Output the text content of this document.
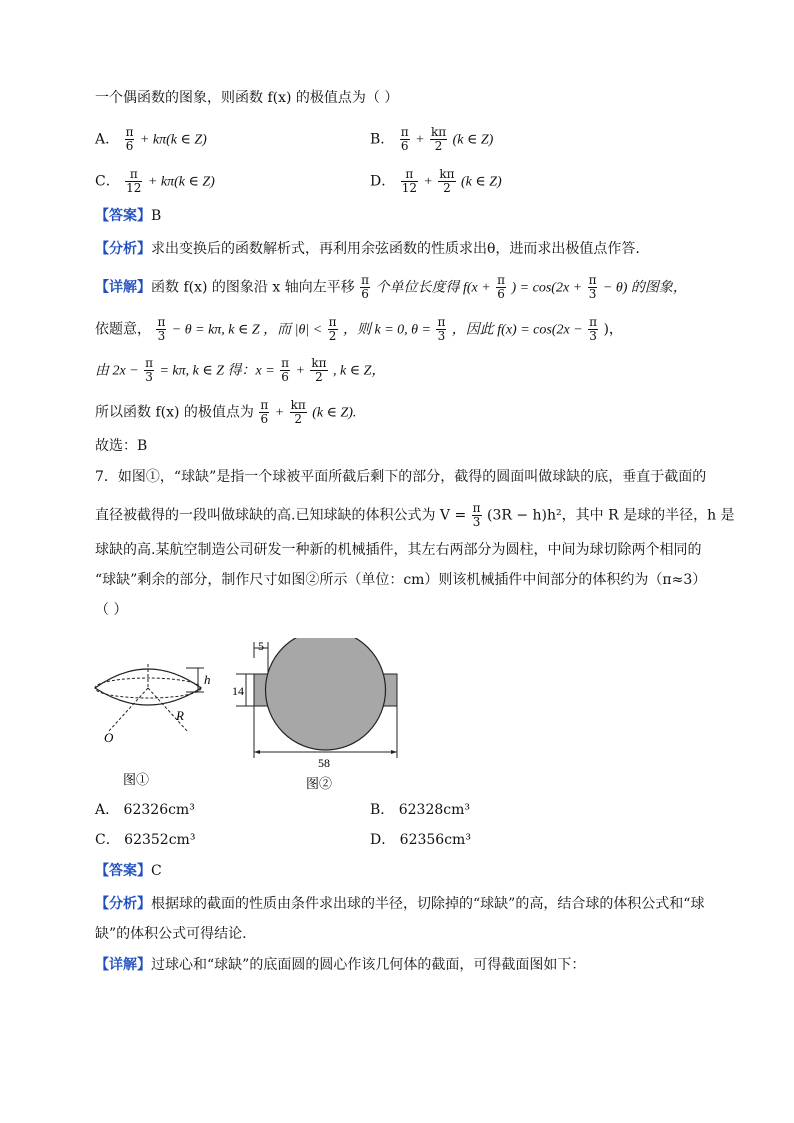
一个偶函数的图象，则函数 f(x) 的极值点为（ ）
A． $\frac{\pi}{6} + k\pi(k$ ∈ Z)	B． $\frac{\pi}{6} + \frac{k\pi}{2} (k$ ∈ Z)
C． $\frac{\pi}{12} + k\pi(k$ ∈ Z)	D． $\frac{\pi}{12} + \frac{k\pi}{2} (k$ ∈ Z)
【答案】B
【分析】求出变换后的函数解析式，再利用余弦函数的性质求出θ，进而求出极值点作答.
【详解】函数 f(x) 的图象沿 x 轴向左平移 $\frac{\pi}{6}$ 个单位长度得 $f(x + \frac{\pi}{6}$ ) = $\cos(2x + \frac{\pi}{3} - \theta)$ 的图象，
依题意， $\frac{\pi}{3} - \theta = k\pi$, k ∈ Z ，而 $|\theta| < \frac{\pi}{2}$ ，则 k = 0, $\theta = \frac{\pi}{3}$ ，因此 $f(x) = \cos(2x - \frac{\pi}{3}$ )，
由 $2x - \frac{\pi}{3} = k\pi$, k ∈ Z 得：$x = \frac{\pi}{6} + \frac{k\pi}{2}$ , k ∈ Z，
所以函数 f(x) 的极值点为 $\frac{\pi}{6} + \frac{k\pi}{2} (k$ ∈ Z).
故选：B
7．如图①，“球缺”是指一个球被平面所截后剩下的部分，截得的圆面叫做球缺的底，垂直于截面的
直径被截得的一段叫做球缺的高.已知球缺的体积公式为 $V = \frac{\pi}{3} (3R - h)h^2$，其中 R 是球的半径，h 是
球缺的高.某航空制造公司研发一种新的机械插件，其左右两部分为圆柱，中间为球切除两个相同的
“球缺”剩余的部分，制作尺寸如图②所示（单位：cm）则该机械插件中间部分的体积约为（π≈3）
（ ）
h
R
O
图①
5
14
58
图②
A． 62326cm³	B． 62328cm³
C． 62352cm³	D． 62356cm³
【答案】C
【分析】根据球的截面的性质由条件求出球的半径，切除掉的“球缺”的高，结合球的体积公式和“球
缺”的体积公式可得结论.
【详解】过球心和“球缺”的底面圆的圆心作该几何体的截面，可得截面图如下：
